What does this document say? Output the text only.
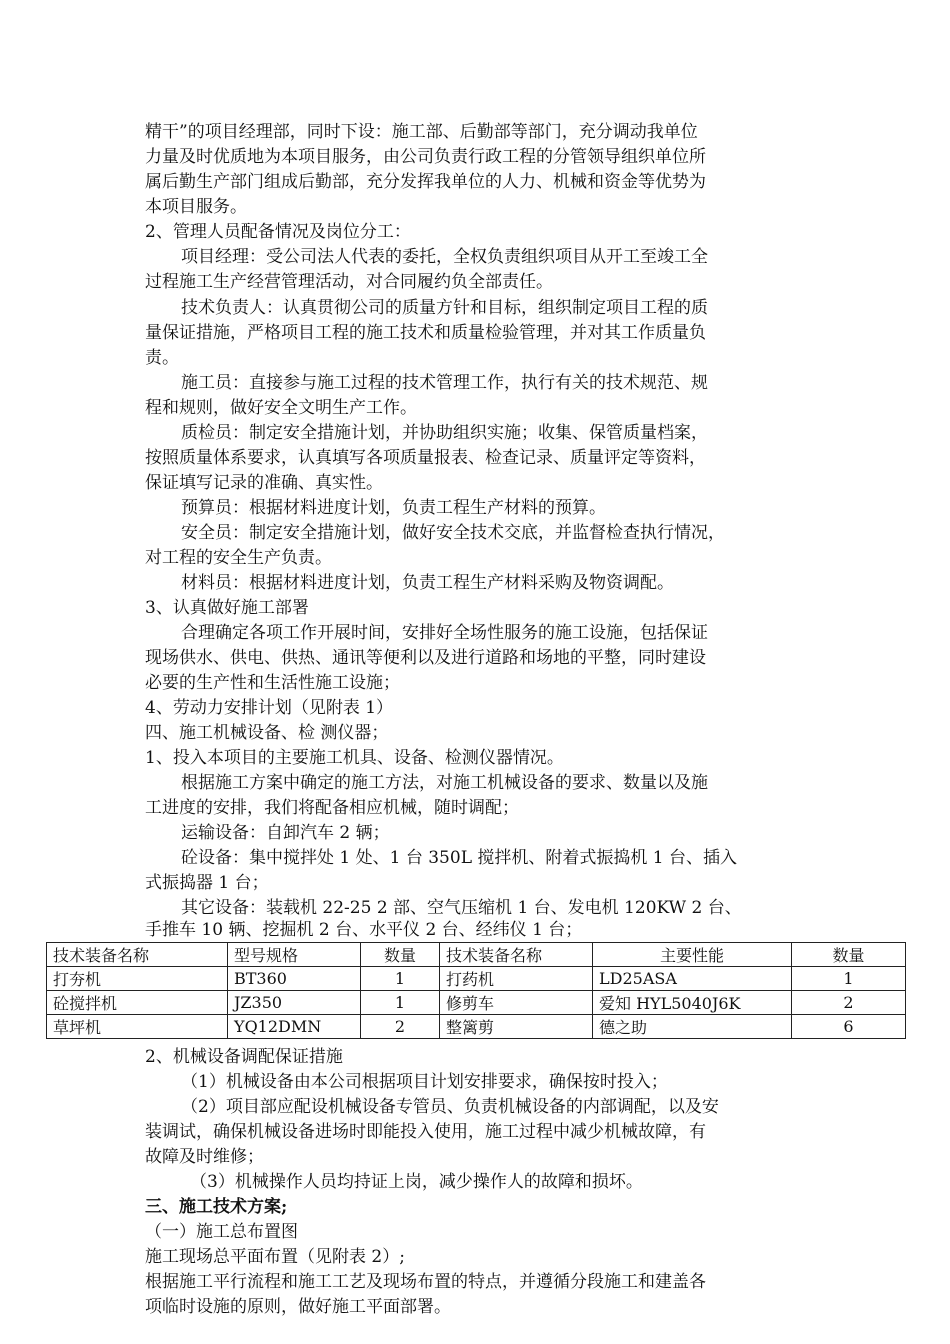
精干”的项目经理部，同时下设：施工部、后勤部等部门，充分调动我单位
力量及时优质地为本项目服务，由公司负责行政工程的分管领导组织单位所
属后勤生产部门组成后勤部，充分发挥我单位的人力、机械和资金等优势为
本项目服务。
2、管理人员配备情况及岗位分工：
项目经理：受公司法人代表的委托，全权负责组织项目从开工至竣工全
过程施工生产经营管理活动，对合同履约负全部责任。
技术负责人：认真贯彻公司的质量方针和目标，组织制定项目工程的质
量保证措施，严格项目工程的施工技术和质量检验管理，并对其工作质量负
责。
施工员：直接参与施工过程的技术管理工作，执行有关的技术规范、规
程和规则，做好安全文明生产工作。
质检员：制定安全措施计划，并协助组织实施；收集、保管质量档案，
按照质量体系要求，认真填写各项质量报表、检查记录、质量评定等资料，
保证填写记录的准确、真实性。
预算员：根据材料进度计划，负责工程生产材料的预算。
安全员：制定安全措施计划，做好安全技术交底，并监督检查执行情况，
对工程的安全生产负责。
材料员：根据材料进度计划，负责工程生产材料采购及物资调配。
3、认真做好施工部署
合理确定各项工作开展时间，安排好全场性服务的施工设施，包括保证
现场供水、供电、供热、通讯等便利以及进行道路和场地的平整，同时建设
必要的生产性和生活性施工设施；
4、劳动力安排计划（见附表 1）
四、施工机械设备、检 测仪器；
1、投入本项目的主要施工机具、设备、检测仪器情况。
根据施工方案中确定的施工方法，对施工机械设备的要求、数量以及施
工进度的安排，我们将配备相应机械，随时调配；
运输设备：自卸汽车 2 辆；
砼设备：集中搅拌处 1 处、1 台 350L 搅拌机、附着式振捣机 1 台、插入
式振捣器 1 台；
其它设备：装载机 22-25 2 部、空气压缩机 1 台、发电机 120KW 2 台、
手推车 10 辆、挖掘机 2 台、水平仪 2 台、经纬仪 1 台；
技术装备名称	型号规格	数量	技术装备名称	主要性能	数量
打夯机	BT360	1	打药机	LD25ASA	1
砼搅拌机	JZ350	1	修剪车	爱知 HYL5040J6K	2
草坪机	YQ12DMN	2	整篱剪	德之助	6
2、机械设备调配保证措施
（1）机械设备由本公司根据项目计划安排要求，确保按时投入；
（2）项目部应配设机械设备专管员、负责机械设备的内部调配，以及安
装调试，确保机械设备进场时即能投入使用，施工过程中减少机械故障，有
故障及时维修；
（3）机械操作人员均持证上岗，减少操作人的故障和损坏。
三、施工技术方案;
（一）施工总布置图
施工现场总平面布置（见附表 2）;
根据施工平行流程和施工工艺及现场布置的特点，并遵循分段施工和建盖各
项临时设施的原则，做好施工平面部署。
